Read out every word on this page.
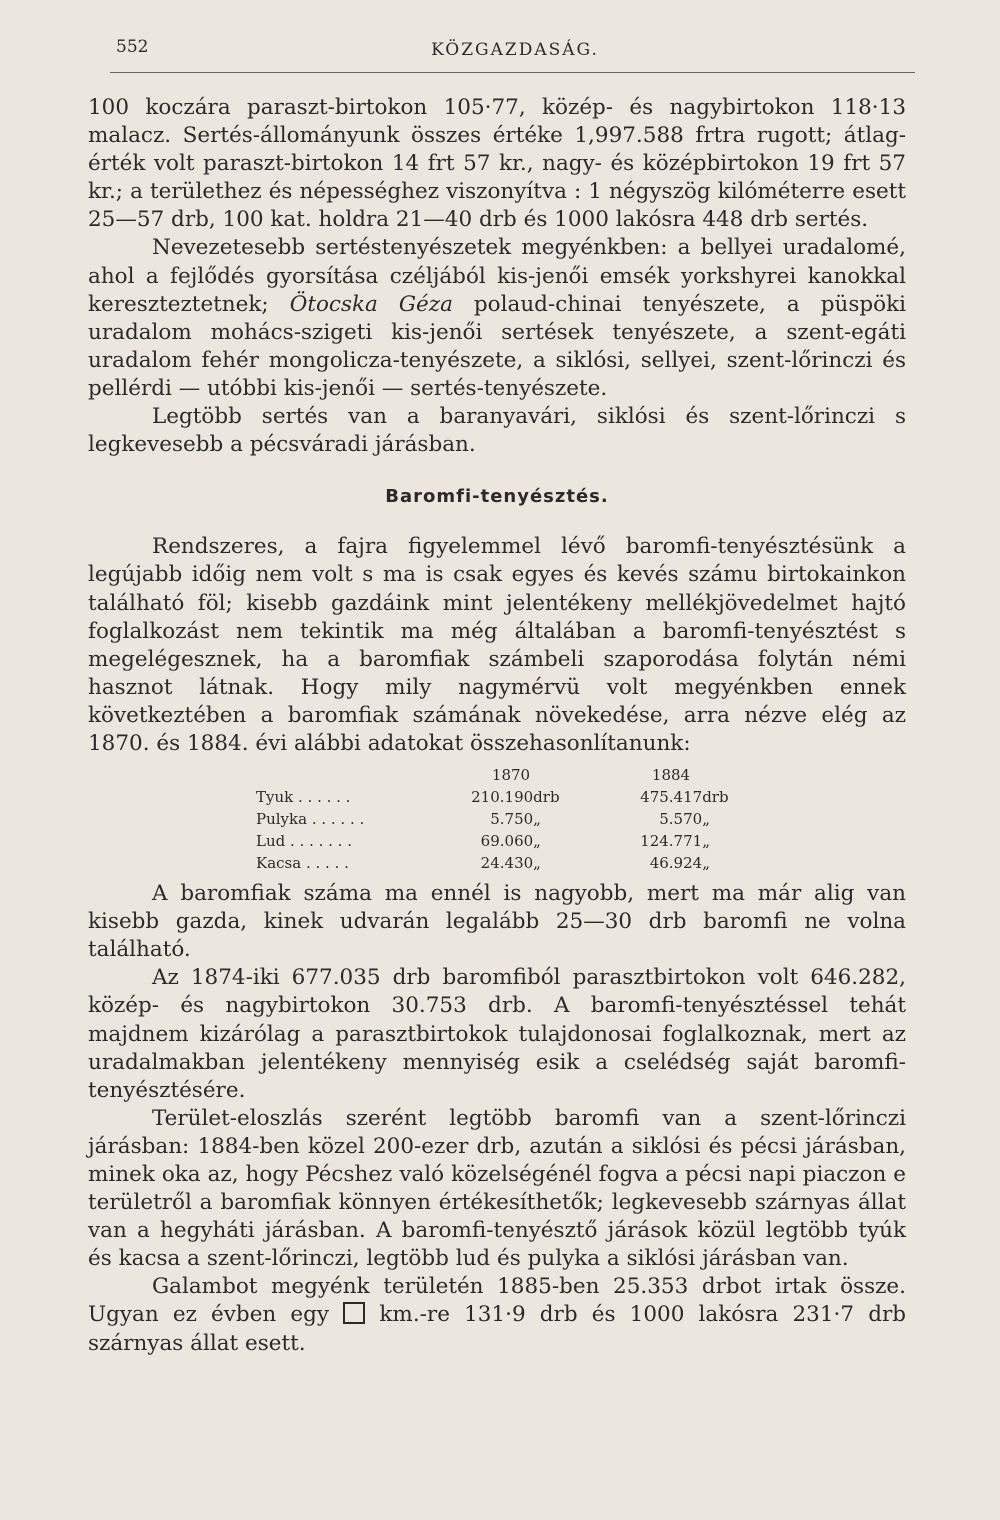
552	KÖZGAZDASÁG.

100 koczára paraszt-birtokon 105·77, közép- és nagybirtokon 118·13 malacz. Sertés-állományunk összes értéke 1,997.588 frtra rugott; átlag-érték volt paraszt-birtokon 14 frt 57 kr., nagy- és középbirtokon 19 frt 57 kr.; a területhez és népességhez viszonyítva : 1 négyszög kilóméterre esett 25—57 drb, 100 kat. holdra 21—40 drb és 1000 lakósra 448 drb sertés.

Nevezetesebb sertéstenyészetek megyénkben: a bellyei uradalomé, ahol a fejlődés gyorsítása czéljából kis-jenői emsék yorkshyrei kanokkal kereszteztetnek; Ötocska Géza polaud-chinai tenyészete, a püspöki uradalom mohács-szigeti kis-jenői sertések tenyészete, a szent-egáti uradalom fehér mongolicza-tenyészete, a siklósi, sellyei, szent-lőrinczi és pellérdi — utóbbi kis-jenői — sertés-tenyészete.

Legtöbb sertés van a baranyavári, siklósi és szent-lőrinczi s legkevesebb a pécsváradi járásban.

Baromfi-tenyésztés.

Rendszeres, a fajra figyelemmel lévő baromfi-tenyésztésünk a legújabb időig nem volt s ma is csak egyes és kevés számu birtokainkon található föl; kisebb gazdáink mint jelentékeny mellékjövedelmet hajtó foglalkozást nem tekintik ma még általában a baromfi-tenyésztést s megelégesznek, ha a baromfiak számbeli szaporodása folytán némi hasznot látnak. Hogy mily nagymérvü volt megyénkben ennek következtében a baromfiak számának növekedése, arra nézve elég az 1870. és 1884. évi alábbi adatokat összehasonlítanunk:

	1870		1884	
Tyuk . . . . . .	210.190	drb	475.417	drb
Pulyka . . . . . .	5.750	„	5.570	„
Lud . . . . . . .	69.060	„	124.771	„
Kacsa . . . . .	24.430	„	46.924	„

A baromfiak száma ma ennél is nagyobb, mert ma már alig van kisebb gazda, kinek udvarán legalább 25—30 drb baromfi ne volna található.

Az 1874-iki 677.035 drb baromfiból parasztbirtokon volt 646.282, közép- és nagybirtokon 30.753 drb. A baromfi-tenyésztéssel tehát majdnem kizárólag a parasztbirtokok tulajdonosai foglalkoznak, mert az uradalmakban jelentékeny mennyiség esik a cselédség saját baromfi-tenyésztésére.

Terület-eloszlás szerént legtöbb baromfi van a szent-lőrinczi járásban: 1884-ben közel 200-ezer drb, azután a siklósi és pécsi járásban, minek oka az, hogy Pécshez való közelségénél fogva a pécsi napi piaczon e területről a baromfiak könnyen értékesíthetők; legkevesebb szárnyas állat van a hegyháti járásban. A baromfi-tenyésztő járások közül legtöbb tyúk és kacsa a szent-lőrinczi, legtöbb lud és pulyka a siklósi járásban van.

Galambot megyénk területén 1885-ben 25.353 drbot irtak össze. Ugyan ez évben egy km.-re 131·9 drb és 1000 lakósra 231·7 drb szárnyas állat esett.
